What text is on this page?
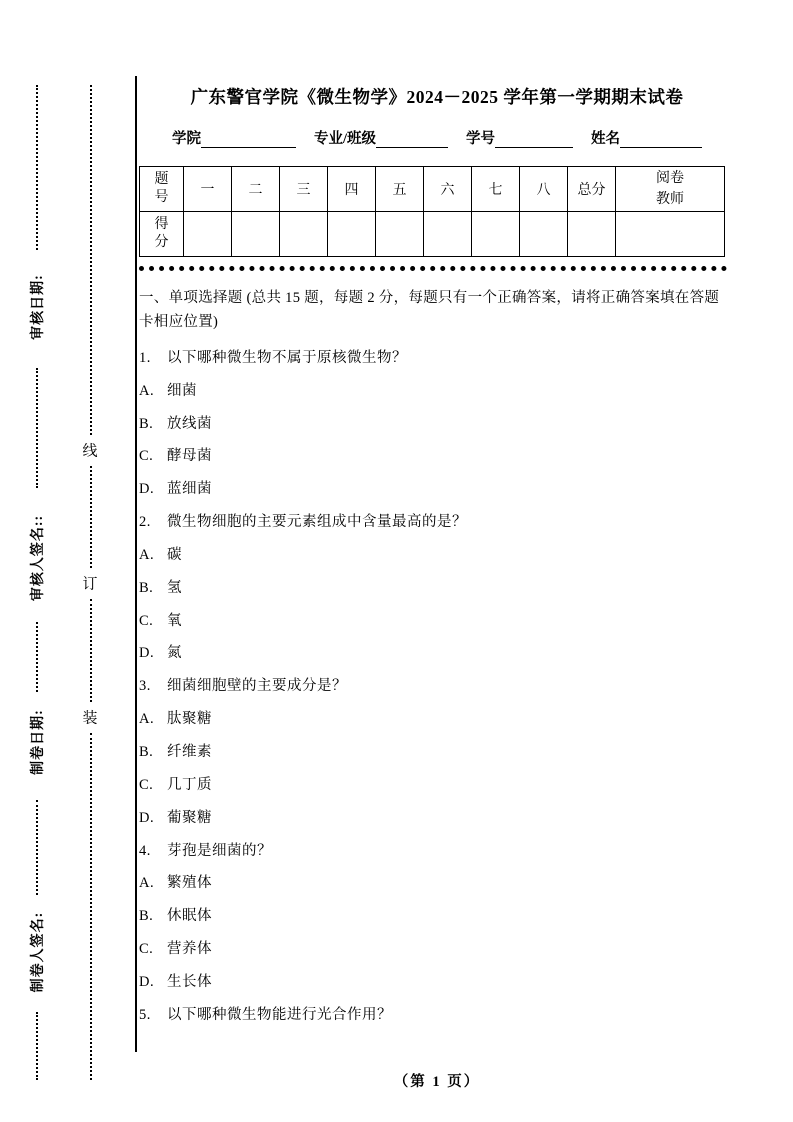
审核日期:
审核人签名::
制卷日期:
制卷人签名:
线
订
装
广东警官学院《微生物学》2024－2025 学年第一学期期末试卷
学院	专业/班级	学号	姓名
题号	一	二	三	四	五	六	七	八	总分	阅卷教师
得分										
一、单项选择题 (总共 15 题，每题 2 分，每题只有一个正确答案，请将正确答案填在答题卡相应位置)
1.	以下哪种微生物不属于原核微生物？
A. 细菌
B. 放线菌
C. 酵母菌
D. 蓝细菌
2.	微生物细胞的主要元素组成中含量最高的是？
A. 碳
B. 氢
C. 氧
D. 氮
3.	细菌细胞壁的主要成分是？
A. 肽聚糖
B. 纤维素
C. 几丁质
D. 葡聚糖
4.	芽孢是细菌的？
A. 繁殖体
B. 休眠体
C. 营养体
D. 生长体
5.	以下哪种微生物能进行光合作用？
（第 1 页）
